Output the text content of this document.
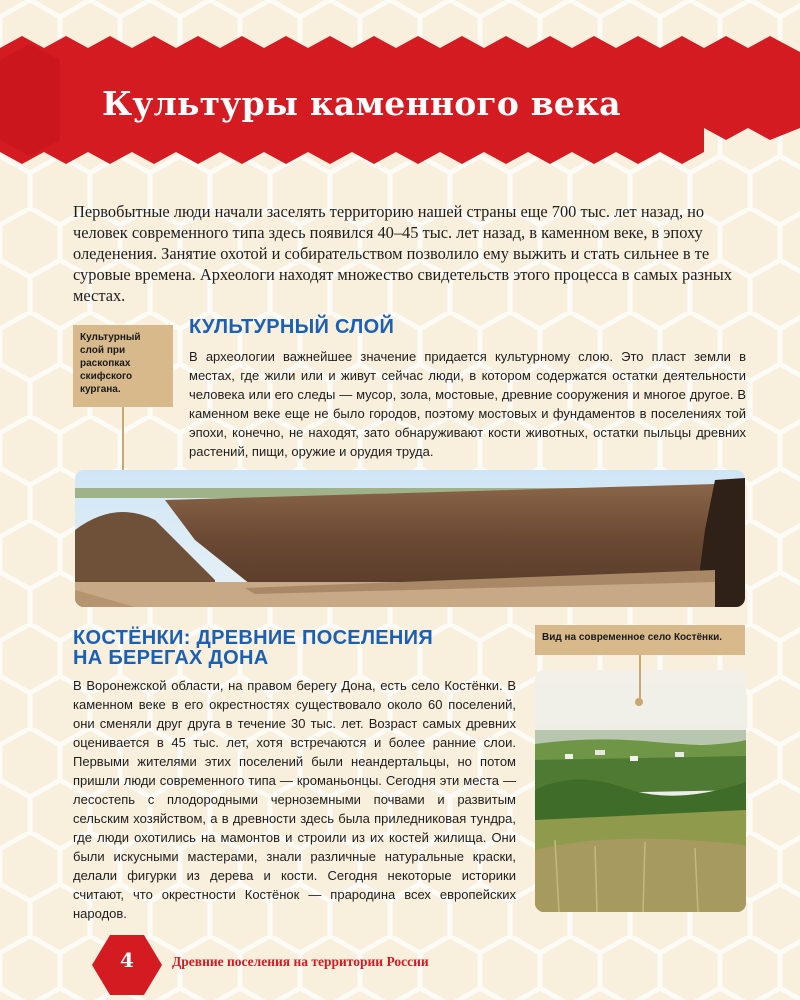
Культуры каменного века

Первобытные люди начали заселять территорию нашей страны еще 700 тыс. лет назад, но человек современного типа здесь появился 40–45 тыс. лет назад, в каменном веке, в эпоху оледенения. Занятие охотой и собирательством позволило ему выжить и стать сильнее в те суровые времена. Археологи находят множество свидетельств этого процесса в самых разных местах.

Культурный слой при раскопках скифского кургана.
КУЛЬТУРНЫЙ СЛОЙ

В археологии важнейшее значение придается культурному слою. Это пласт земли в местах, где жили или и живут сейчас люди, в котором содержатся остатки деятельности человека или его следы — мусор, зола, мостовые, древние сооружения и многое другое. В каменном веке еще не было городов, поэтому мостовых и фундаментов в поселениях той эпохи, конечно, не находят, зато обнаруживают кости животных, остатки пыльцы древних растений, пищи, оружие и орудия труда.

КОСТЁНКИ: ДРЕВНИЕ ПОСЕЛЕНИЯ
НА БЕРЕГАХ ДОНА

В Воронежской области, на правом берегу Дона, есть село Костёнки. В каменном веке в его окрестностях существовало около 60 поселений, они сменяли друг друга в течение 30 тыс. лет. Возраст самых древних оценивается в 45 тыс. лет, хотя встречаются и более ранние слои. Первыми жителями этих поселений были неандертальцы, но потом пришли люди современного типа — кроманьонцы. Сегодня эти места — лесостепь с плодородными черноземными почвами и развитым сельским хозяйством, а в древности здесь была приледниковая тундра, где люди охотились на мамонтов и строили из их костей жилища. Они были искусными мастерами, знали различные натуральные краски, делали фигурки из дерева и кости. Сегодня некоторые историки считают, что окрестности Костёнок — прародина всех европейских народов.

Вид на современное село Костёнки.
4	Древние поселения на территории России
